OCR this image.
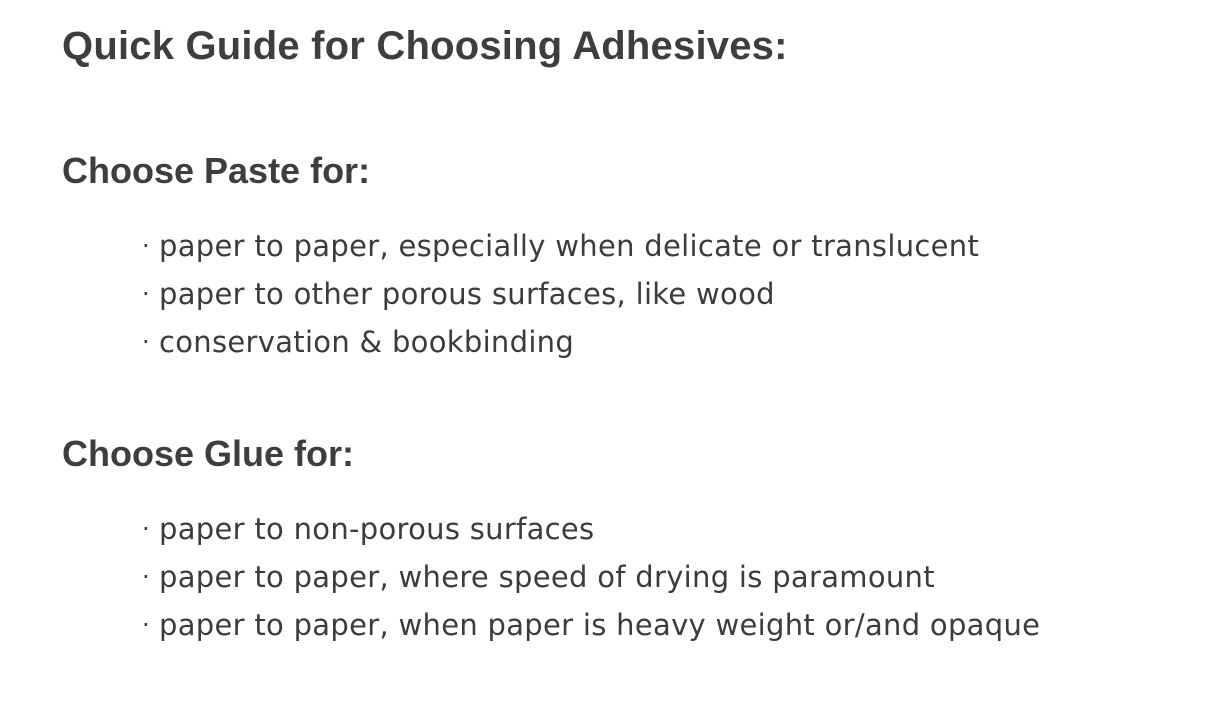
Quick Guide for Choosing Adhesives:
Choose Paste for:
· paper to paper, especially when delicate or translucent
· paper to other porous surfaces, like wood
· conservation & bookbinding
Choose Glue for:
· paper to non-porous surfaces
· paper to paper, where speed of drying is paramount
· paper to paper, when paper is heavy weight or/and opaque
